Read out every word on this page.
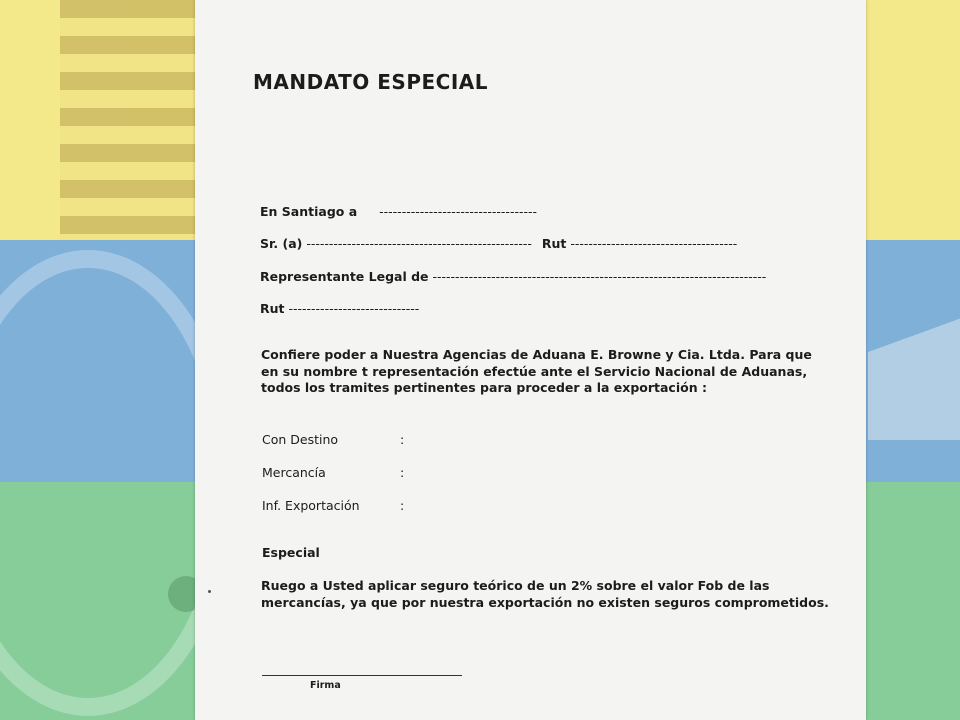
MANDATO ESPECIAL
En Santiago a -----------------------------------
Sr. (a) -------------------------------------------------- Rut -------------------------------------
Representante Legal de --------------------------------------------------------------------------
Rut -----------------------------
Confiere poder a Nuestra Agencias de Aduana E. Browne y Cia. Ltda. Para que
en su nombre t representación efectúe ante el Servicio Nacional de Aduanas,
todos los tramites pertinentes para proceder a la exportación :
Con Destino	:
Mercancía	:
Inf. Exportación	:
Especial
Ruego a Usted aplicar seguro teórico de un 2% sobre el valor Fob de las
mercancías, ya que por nuestra exportación no existen seguros comprometidos.
Firma
